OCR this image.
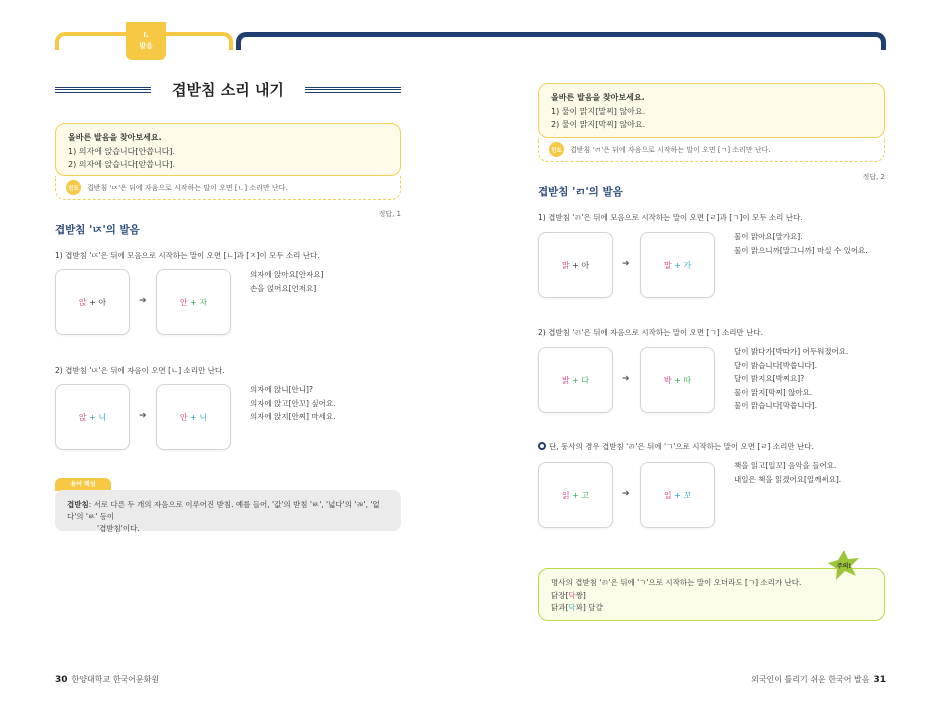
I.
발음
겹받침 소리 내기
올바른 발음을 찾아보세요.
1) 의자에 앉습니다[안씁니다].
2) 의자에 앉습니다[앋씁니다].
힌트	겹받침 'ㄵ'은 뒤에 자음으로 시작하는 말이 오면 [ㄴ] 소리만 난다.
정답, 1
겹받침 'ㄵ'의 발음
1) 겹받침 'ㄵ'은 뒤에 모음으로 시작하는 말이 오면 [ㄴ]과 [ㅈ]이 모두 소리 난다.
앉
+ 아	➔	안
+ 자
의자에 앉아요[안자요]
손을 얹어요[언저요]
2) 겹받침 'ㄵ'은 뒤에 자음이 오면 [ㄴ] 소리만 난다.
앉
+ 니	➔	안
+ 니
의자에 앉니[안니]?
의자에 앉고[안꼬] 싶어요.
의자에 앉지[안찌] 마세요.
용어 핵심
겹받침: 서로 다른 두 개의 자음으로 이루어진 받침. 예를 들어, '값'의 받침 'ㅄ', '넓다'의 'ㄼ', '없다'의 'ㅄ' 등이
'겹받침'이다.
올바른 발음을 찾아보세요.
1) 물이 맑지[말찌] 않아요.
2) 물이 맑지[막찌] 않아요.
힌트	겹받침 'ㄺ'은 뒤에 자음으로 시작하는 말이 오면 [ㄱ] 소리만 난다.
정답, 2
겹받침 'ㄺ'의 발음
1) 겹받침 'ㄺ'은 뒤에 모음으로 시작하는 말이 오면 [ㄹ]과 [ㄱ]이 모두 소리 난다.
맑
+ 아	➔	말
+ 가
물이 맑아요[말가요].
물이 맑으니까[말그니까] 마실 수 있어요.
2) 겹받침 'ㄺ'은 뒤에 자음으로 시작하는 말이 오면 [ㄱ] 소리만 난다.
밝
+ 다	➔	박
+ 따
달이 밝다가[박따가] 어두워졌어요.
달이 밝습니다[박씁니다].
달이 밝지요[박찌요]?
물이 맑지[막찌] 않아요.
물이 맑습니다[막씁니다].
단, 동사의 경우 겹받침 'ㄺ'은 뒤에 'ㄱ'으로 시작하는 말이 오면 [ㄹ] 소리만 난다.
읽
+ 고	➔	일
+ 꼬
책을 읽고[일꼬] 음악을 들어요.
내일은 책을 읽겠어요[일께써요].
명사의 겹받침 'ㄺ'은 뒤에 'ㄱ'으로 시작하는 말이 오더라도 [ㄱ] 소리가 난다.
닭장[닥짱]
닭과[닥꽈] 달걀
주의!
30 한양대학교 한국어문화원	외국인이 틀리기 쉬운 한국어 발음 31
